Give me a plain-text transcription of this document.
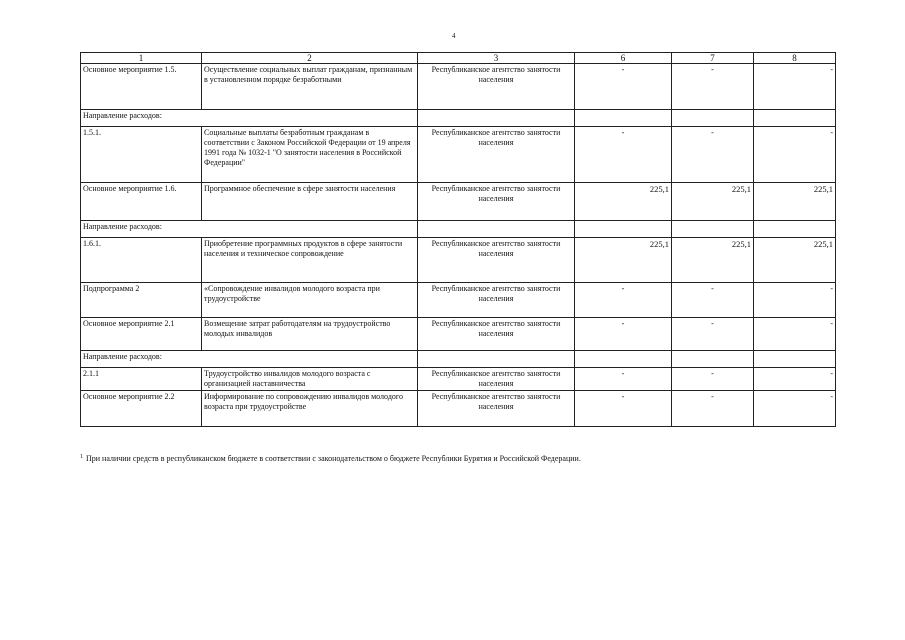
4
1	2	3	6	7	8
Основное мероприятие 1.5.	Осуществление социальных выплат гражданам, признанным в установленном порядке безработными	Республиканское агентство занятости населения	-	-	-
Направление расходов:					
1.5.1.	Социальные выплаты безработным гражданам в соответствии с Законом Российской Федерации от 19 апреля 1991 года № 1032-1 "О занятости населения в Российской Федерации"	Республиканское агентство занятости населения	-	-	-
Основное мероприятие 1.6.	Программное обеспечение в сфере занятости населения	Республиканское агентство занятости населения	225,1	225,1	225,1
Направление расходов:					
1.6.1.	Приобретение программных продуктов в сфере занятости населения и техническое сопровождение	Республиканское агентство занятости населения	225,1	225,1	225,1
Подпрограмма 2	«Сопровождение инвалидов молодого возраста при трудоустройстве	Республиканское агентство занятости населения	-	-	-
Основное мероприятие 2.1	Возмещение затрат работодателям на трудоустройство молодых инвалидов	Республиканское агентство занятости населения	-	-	-
Направление расходов:					
2.1.1	Трудоустройство инвалидов молодого возраста с организацией наставничества	Республиканское агентство занятости населения	-	-	-
Основное мероприятие 2.2	Информирование по сопровождению инвалидов молодого возраста при трудоустройстве	Республиканское агентство занятости населения	-	-	-
$^1$ При наличии средств в республиканском бюджете в соответствии с законодательством о бюджете Республики Бурятия и Российской Федерации.
